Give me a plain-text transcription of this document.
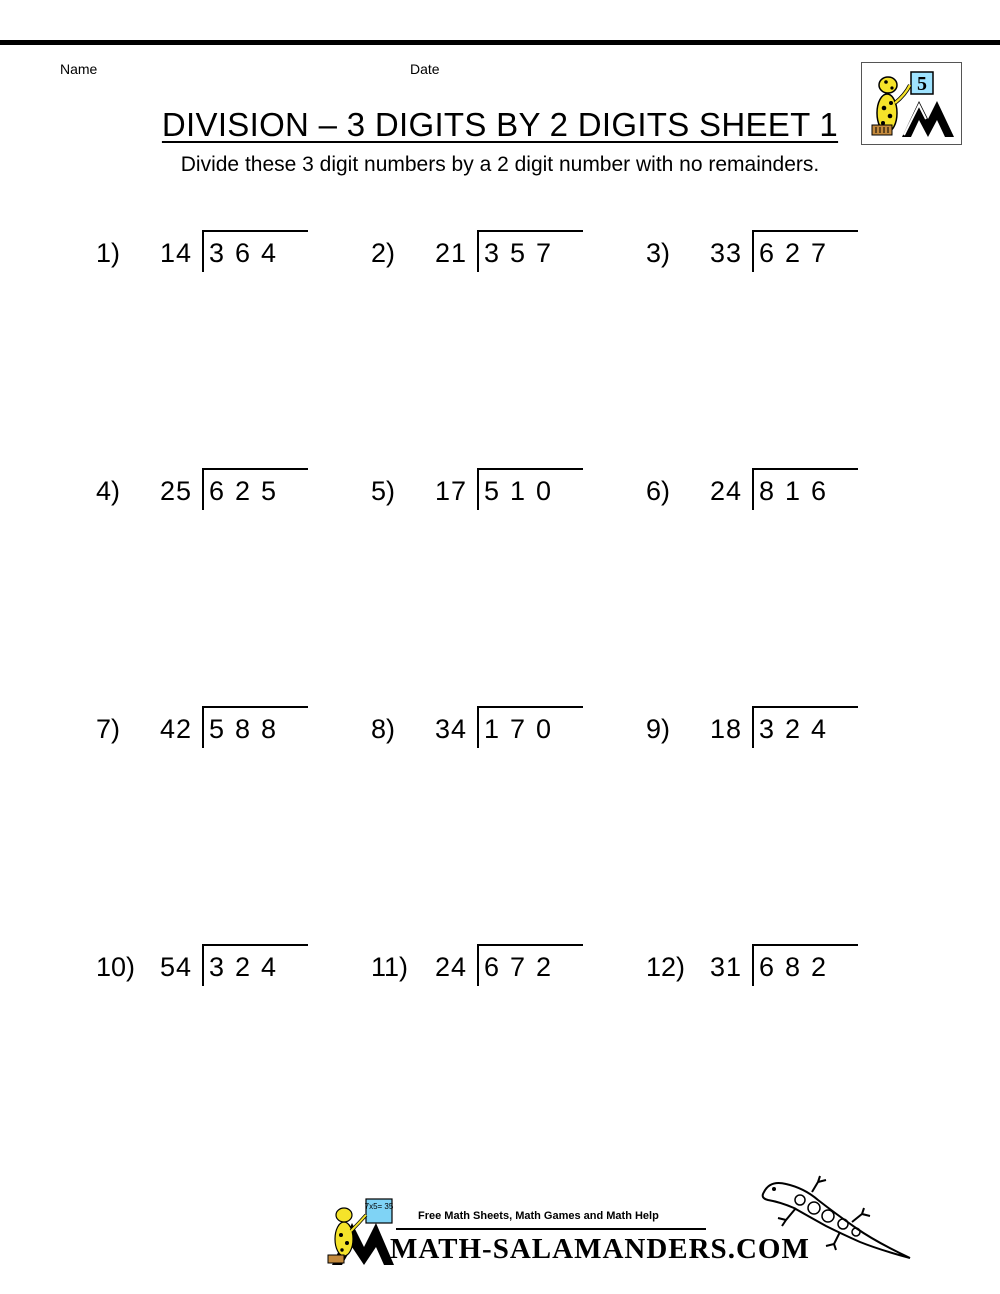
Name	Date
5
DIVISION – 3 DIGITS BY 2 DIGITS SHEET 1
Divide these 3 digit numbers by a 2 digit number with no remainders.
1) 14 364	2) 21 357	3) 33 627
4) 25 625	5) 17 510	6) 24 816
7) 42 588	8) 34 170	9) 18 324
10) 54 324	11) 24 672	12) 31 682
7x5= 35
Free Math Sheets, Math Games and Math Help
MATH-SALAMANDERS.COM
